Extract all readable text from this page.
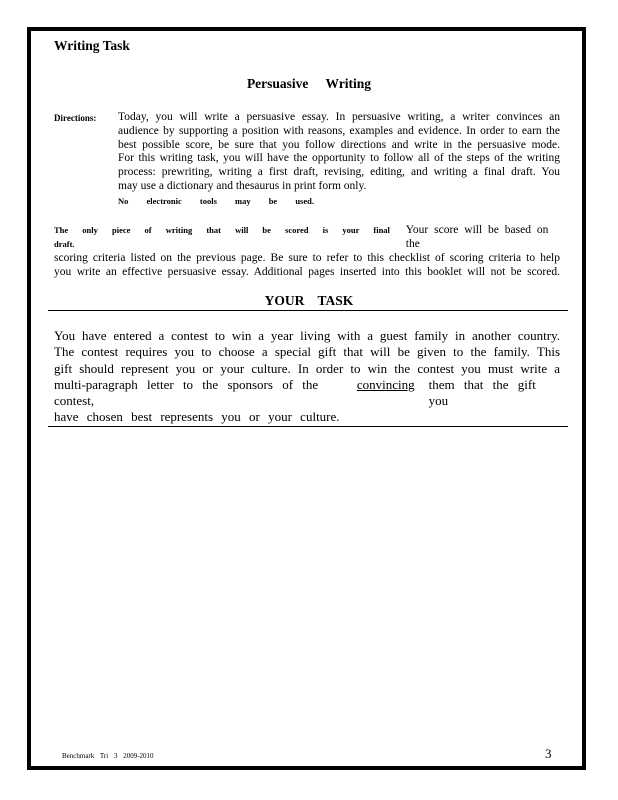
Writing Task
Persuasive Writing
Directions: Today, you will write a persuasive essay. In persuasive writing, a writer convinces an
audience by supporting a position with reasons, examples and evidence. In order to earn the
best possible score, be sure that you follow directions and write in the persuasive mode.
For this writing task, you will have the opportunity to follow all of the steps of the writing
process: prewriting, writing a first draft, revising, editing, and writing a final draft. You
may use a dictionary and thesaurus in print form only.
No electronic tools may be used.
The only piece of writing that will be scored is your final draft.
Your score will be based on the
scoring criteria listed on the previous page. Be sure to refer to this checklist of scoring criteria to help
you write an effective persuasive essay. Additional pages inserted into this booklet will not be scored.
YOUR TASK
You have entered a contest to win a year living with a guest family in another country.
The contest requires you to choose a special gift that will be given to the family. This
gift should represent you or your culture. In order to win the contest you must write a
multi-paragraph letter to the sponsors of the contest,
convincing	them that the gift you
have chosen best represents you or your culture.
Benchmark Tri 3 2009-2010	3
